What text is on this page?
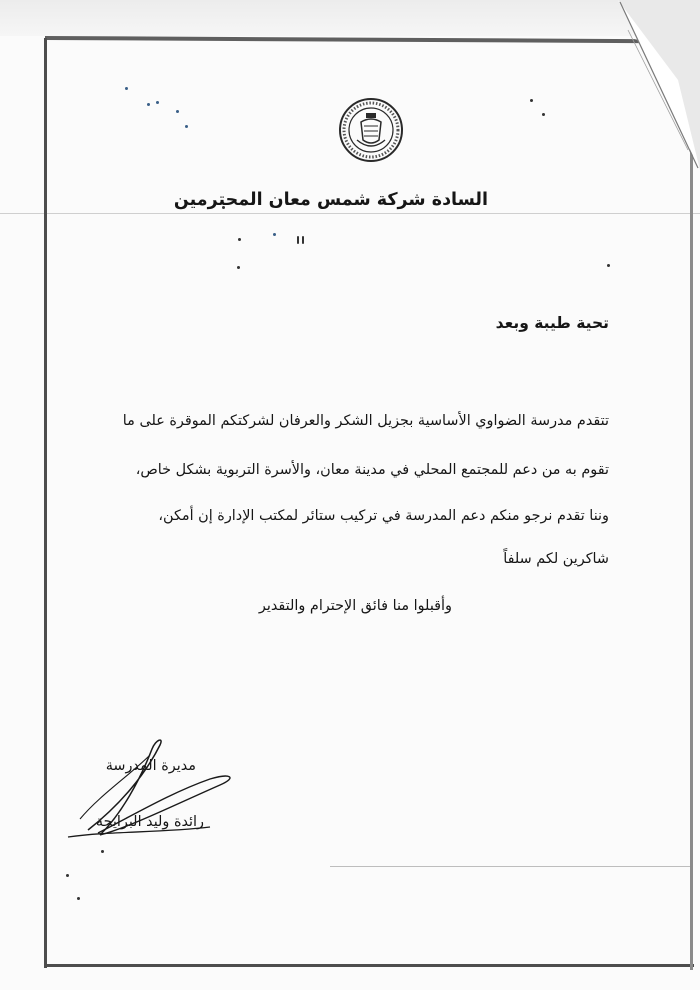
السادة شركة شمس معان المحترمين
تحية طيبة وبعد
تتقدم مدرسة الضواوي الأساسية بجزيل الشكر والعرفان لشركتكم الموقرة على ما
تقوم به من دعم للمجتمع المحلي في مدينة معان، والأسرة التربوية بشكل خاص،
وننا تقدم نرجو منكم دعم المدرسة في تركيب ستائر لمكتب الإدارة إن أمكن،
شاكرين لكم سلفاً
وأقبلوا منا فائق الإحترام والتقدير
مديرة المدرسة
رائدة وليد البرايجة
